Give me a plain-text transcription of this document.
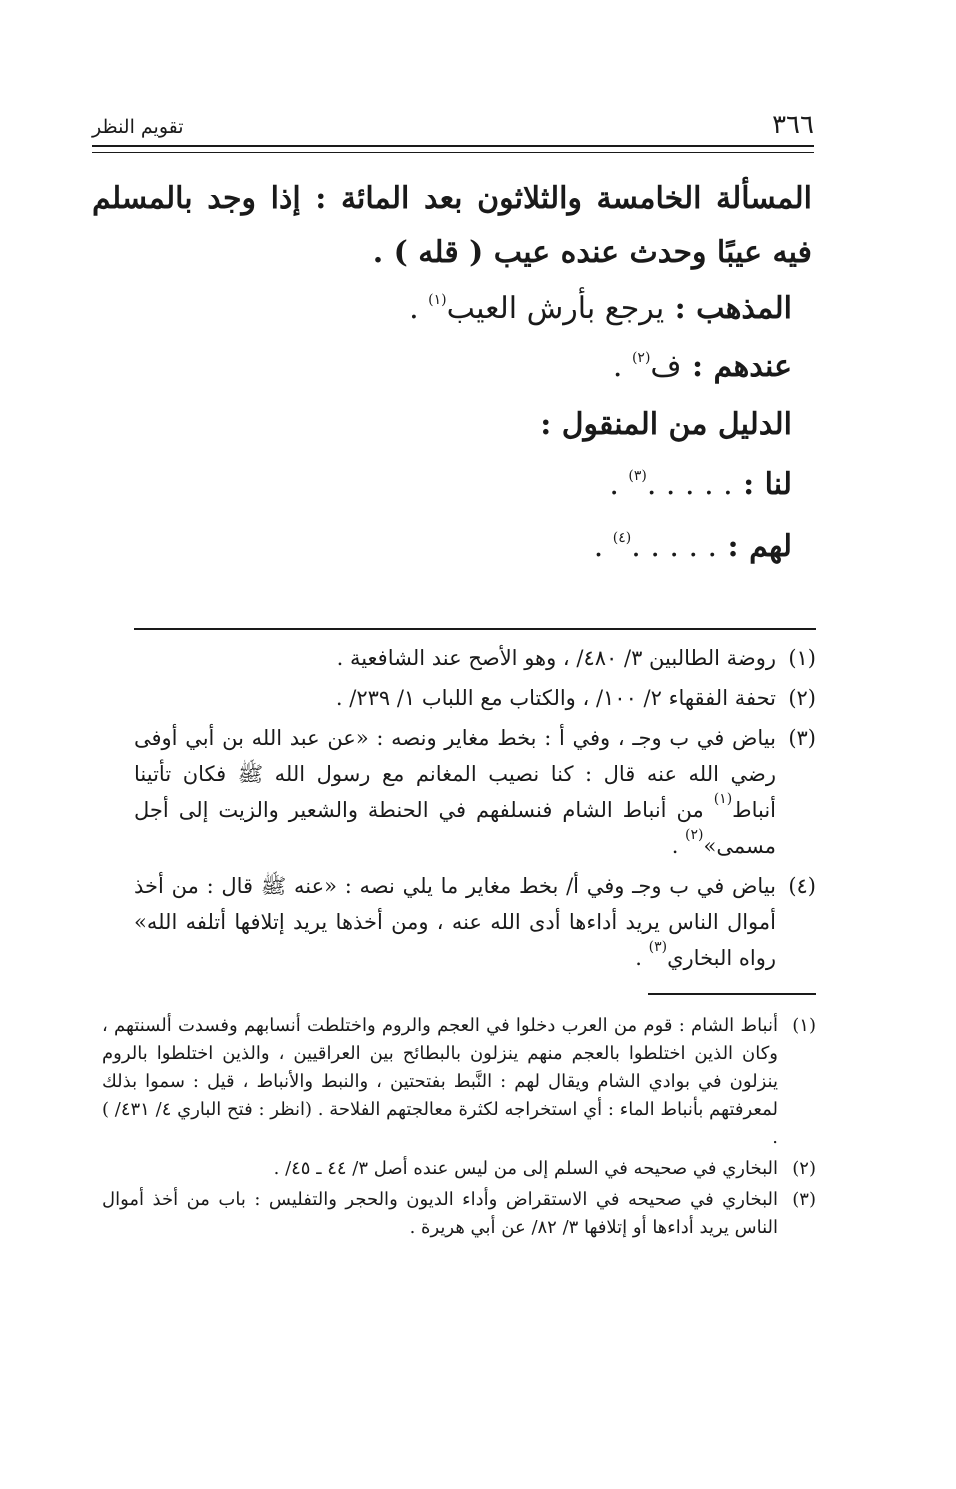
٣٦٦
تقويم النظر
المسألة الخامسة والثلاثون بعد المائة : إذا وجد بالمسلم فيه عيبًا وحدث عنده عيب ( قله ) .
المذهب : يرجع بأرش العيب$^{(١)}$ .
عندهم : ف$^{(٢)}$ .
الدليل من المنقول :
لنا : . . . . .$^{(٣)}$ .
لهم : . . . . .$^{(٤)}$ .
(١)
روضة الطالبين ٣/ ٤٨٠/ ، وهو الأصح عند الشافعية .
(٢)
تحفة الفقهاء ٢/ ١٠٠/ ، والكتاب مع اللباب ١/ ٢٣٩/ .
(٣)
بياض في ب وجـ ، وفي أ : بخط مغاير ونصه : «عن عبد الله بن أبي أوفى رضي الله عنه قال : كنا نصيب المغانم مع رسول الله ﷺ فكان تأتينا أنباط$^{(١)}$ من أنباط الشام فنسلفهم في الحنطة والشعير والزيت إلى أجل مسمى»$^{(٢)}$ .
(٤)
بياض في ب وجـ وفي أ/ بخط مغاير ما يلي نصه : «عنه ﷺ قال : من أخذ أموال الناس يريد أداءها أدى الله عنه ، ومن أخذها يريد إتلافها أتلفه الله» رواه البخاري$^{(٣)}$ .
(١)
أنباط الشام : قوم من العرب دخلوا في العجم والروم واختلطت أنسابهم وفسدت ألسنتهم ، وكان الذين اختلطوا بالعجم منهم ينزلون بالبطائح بين العراقيين ، والذين اختلطوا بالروم ينزلون في بوادي الشام ويقال لهم : النَّبط بفتحتين ، والنبط والأنباط ، قيل : سموا بذلك لمعرفتهم بأنباط الماء : أي استخراجه لكثرة معالجتهم الفلاحة . (انظر : فتح الباري ٤/ ٤٣١/ ) .
(٢)
البخاري في صحيحه في السلم إلى من ليس عنده أصل ٣/ ٤٤ ـ ٤٥/ .
(٣)
البخاري في صحيحه في الاستقراض وأداء الديون والحجر والتفليس : باب من أخذ أموال الناس يريد أداءها أو إتلافها ٣/ ٨٢/ عن أبي هريرة .
